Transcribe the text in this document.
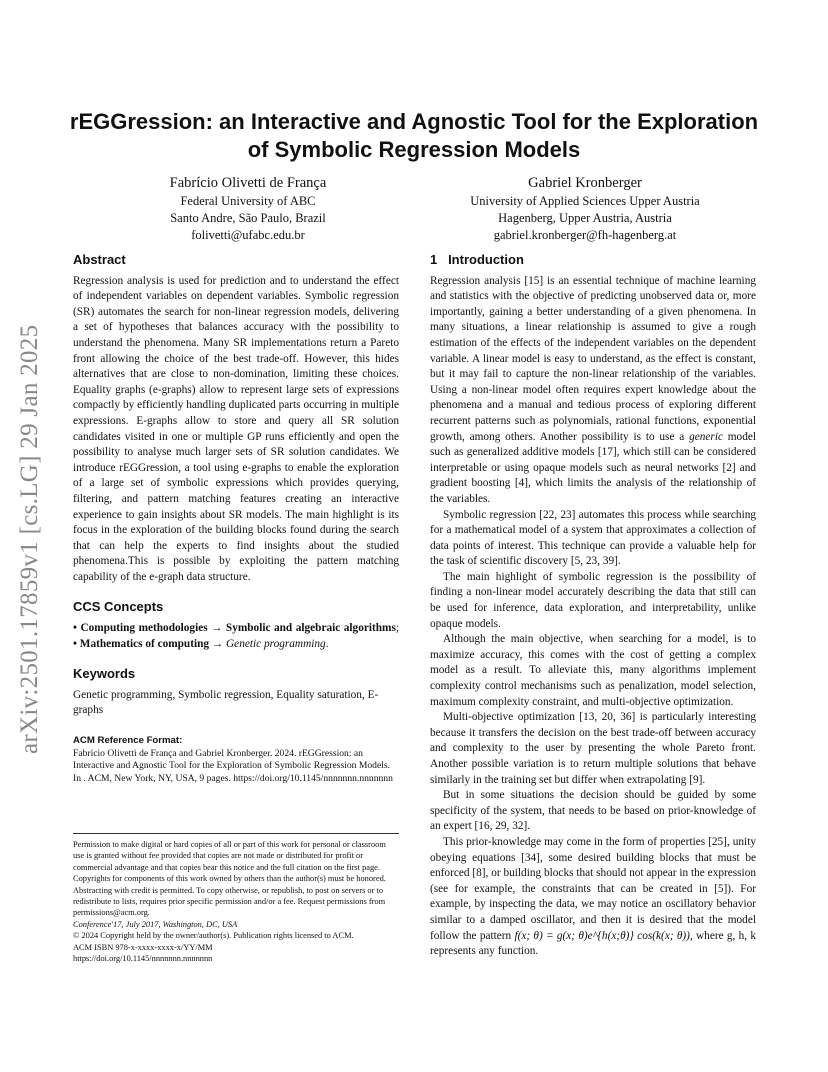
arXiv:2501.17859v1 [cs.LG] 29 Jan 2025
rEGGression: an Interactive and Agnostic Tool for the Exploration of Symbolic Regression Models
Fabrício Olivetti de França
Federal University of ABC
Santo Andre, São Paulo, Brazil
folivetti@ufabc.edu.br
Gabriel Kronberger
University of Applied Sciences Upper Austria
Hagenberg, Upper Austria, Austria
gabriel.kronberger@fh-hagenberg.at
Abstract

Regression analysis is used for prediction and to understand the effect of independent variables on dependent variables. Symbolic regression (SR) automates the search for non-linear regression models, delivering a set of hypotheses that balances accuracy with the possibility to understand the phenomena. Many SR implementations return a Pareto front allowing the choice of the best trade-off. However, this hides alternatives that are close to non-domination, limiting these choices. Equality graphs (e-graphs) allow to represent large sets of expressions compactly by efficiently handling duplicated parts occurring in multiple expressions. E-graphs allow to store and query all SR solution candidates visited in one or multiple GP runs efficiently and open the possibility to analyse much larger sets of SR solution candidates. We introduce rEGGression, a tool using e-graphs to enable the exploration of a large set of symbolic expressions which provides querying, filtering, and pattern matching features creating an interactive experience to gain insights about SR models. The main highlight is its focus in the exploration of the building blocks found during the search that can help the experts to find insights about the studied phenomena.This is possible by exploiting the pattern matching capability of the e-graph data structure.

CCS Concepts

• Computing methodologies → Symbolic and algebraic algorithms; • Mathematics of computing → Genetic programming.

Keywords

Genetic programming, Symbolic regression, Equality saturation, E-graphs

ACM Reference Format:

Fabrício Olivetti de França and Gabriel Kronberger. 2024. rEGGression: an Interactive and Agnostic Tool for the Exploration of Symbolic Regression Models. In . ACM, New York, NY, USA, 9 pages. https://doi.org/10.1145/nnnnnnn.nnnnnnn

Permission to make digital or hard copies of all or part of this work for personal or classroom use is granted without fee provided that copies are not made or distributed for profit or commercial advantage and that copies bear this notice and the full citation on the first page. Copyrights for components of this work owned by others than the author(s) must be honored. Abstracting with credit is permitted. To copy otherwise, or republish, to post on servers or to redistribute to lists, requires prior specific permission and/or a fee. Request permissions from permissions@acm.org.

Conference'17, July 2017, Washington, DC, USA

© 2024 Copyright held by the owner/author(s). Publication rights licensed to ACM.

ACM ISBN 978-x-xxxx-xxxx-x/YY/MM

https://doi.org/10.1145/nnnnnnn.nnnnnnn

1   Introduction

Regression analysis [15] is an essential technique of machine learning and statistics with the objective of predicting unobserved data or, more importantly, gaining a better understanding of a given phenomena. In many situations, a linear relationship is assumed to give a rough estimation of the effects of the independent variables on the dependent variable. A linear model is easy to understand, as the effect is constant, but it may fail to capture the non-linear relationship of the variables. Using a non-linear model often requires expert knowledge about the phenomena and a manual and tedious process of exploring different recurrent patterns such as polynomials, rational functions, exponential growth, among others. Another possibility is to use a generic model such as generalized additive models [17], which still can be considered interpretable or using opaque models such as neural networks [2] and gradient boosting [4], which limits the analysis of the relationship of the variables.

Symbolic regression [22, 23] automates this process while searching for a mathematical model of a system that approximates a collection of data points of interest. This technique can provide a valuable help for the task of scientific discovery [5, 23, 39].

The main highlight of symbolic regression is the possibility of finding a non-linear model accurately describing the data that still can be used for inference, data exploration, and interpretability, unlike opaque models.

Although the main objective, when searching for a model, is to maximize accuracy, this comes with the cost of getting a complex model as a result. To alleviate this, many algorithms implement complexity control mechanisms such as penalization, model selection, maximum complexity constraint, and multi-objective optimization.

Multi-objective optimization [13, 20, 36] is particularly interesting because it transfers the decision on the best trade-off between accuracy and complexity to the user by presenting the whole Pareto front. Another possible variation is to return multiple solutions that behave similarly in the training set but differ when extrapolating [9].

But in some situations the decision should be guided by some specificity of the system, that needs to be based on prior-knowledge of an expert [16, 29, 32].

This prior-knowledge may come in the form of properties [25], unity obeying equations [34], some desired building blocks that must be enforced [8], or building blocks that should not appear in the expression (see for example, the constraints that can be created in [5]). For example, by inspecting the data, we may notice an oscillatory behavior similar to a damped oscillator, and then it is desired that the model follow the pattern f(x; θ) = g(x; θ)e^{h(x;θ)} cos(k(x; θ)), where g, h, k represents any function.
